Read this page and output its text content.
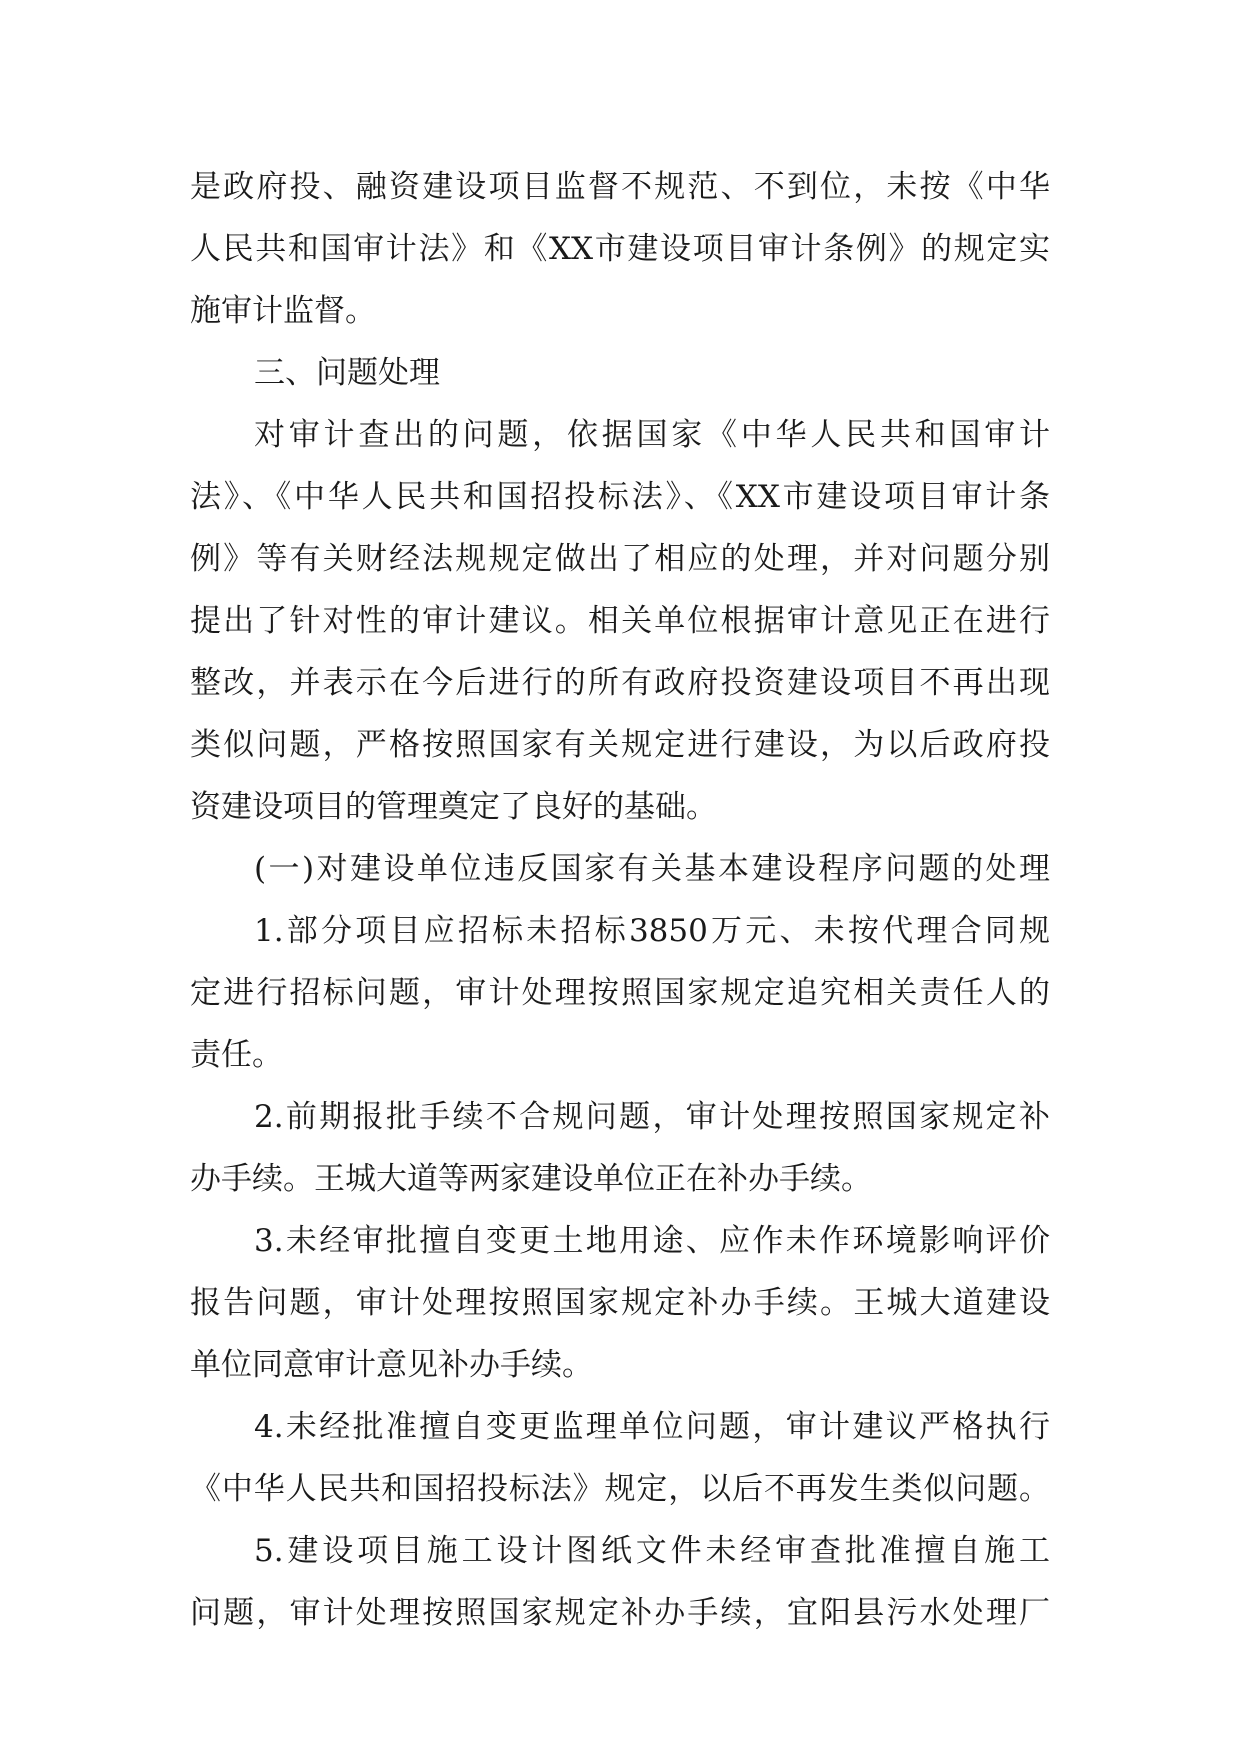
是政府投、融资建设项目监督不规范、不到位，未按《中华
人民共和国审计法》和《XX市建设项目审计条例》的规定实
施审计监督。
三、问题处理
对审计查出的问题，依据国家《中华人民共和国审计
法》、《中华人民共和国招投标法》、《XX市建设项目审计条
例》等有关财经法规规定做出了相应的处理，并对问题分别
提出了针对性的审计建议。相关单位根据审计意见正在进行
整改，并表示在今后进行的所有政府投资建设项目不再出现
类似问题，严格按照国家有关规定进行建设，为以后政府投
资建设项目的管理奠定了良好的基础。
(一)对建设单位违反国家有关基本建设程序问题的处理
1.部分项目应招标未招标3850万元、未按代理合同规
定进行招标问题，审计处理按照国家规定追究相关责任人的
责任。
2.前期报批手续不合规问题，审计处理按照国家规定补
办手续。王城大道等两家建设单位正在补办手续。
3.未经审批擅自变更土地用途、应作未作环境影响评价
报告问题，审计处理按照国家规定补办手续。王城大道建设
单位同意审计意见补办手续。
4.未经批准擅自变更监理单位问题，审计建议严格执行
《中华人民共和国招投标法》规定，以后不再发生类似问题。
5.建设项目施工设计图纸文件未经审查批准擅自施工
问题，审计处理按照国家规定补办手续，宜阳县污水处理厂
